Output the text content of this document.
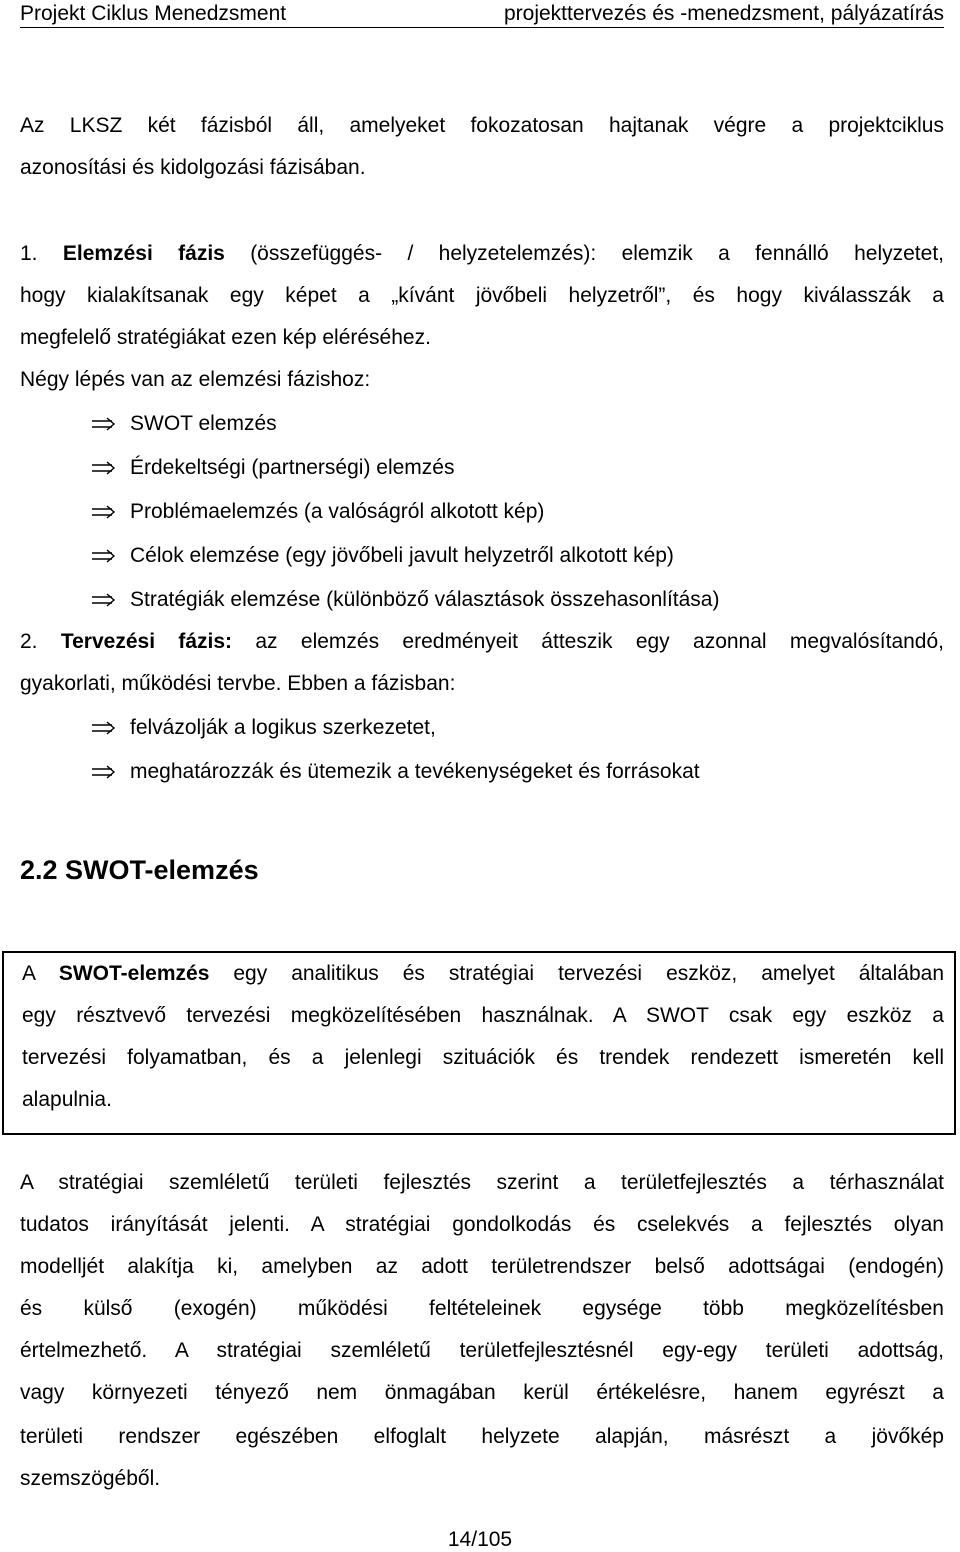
Projekt Ciklus Menedzsment	projekttervezés és -menedzsment, pályázatírás
Az LKSZ két fázisból áll, amelyeket fokozatosan hajtanak végre a projektciklus
azonosítási és kidolgozási fázisában.
1. Elemzési fázis (összefüggés- / helyzetelemzés): elemzik a fennálló helyzetet,
hogy kialakítsanak egy képet a „kívánt jövőbeli helyzetről”, és hogy kiválasszák a
megfelelő stratégiákat ezen kép eléréséhez.
Négy lépés van az elemzési fázishoz:
SWOT elemzés
Érdekeltségi (partnerségi) elemzés
Problémaelemzés (a valóságról alkotott kép)
Célok elemzése (egy jövőbeli javult helyzetről alkotott kép)
Stratégiák elemzése (különböző választások összehasonlítása)
2. Tervezési fázis: az elemzés eredményeit átteszik egy azonnal megvalósítandó,
gyakorlati, működési tervbe. Ebben a fázisban:
felvázolják a logikus szerkezetet,
meghatározzák és ütemezik a tevékenységeket és forrásokat
2.2 SWOT-elemzés
A SWOT-elemzés egy analitikus és stratégiai tervezési eszköz, amelyet általában
egy résztvevő tervezési megközelítésében használnak. A SWOT csak egy eszköz a
tervezési folyamatban, és a jelenlegi szituációk és trendek rendezett ismeretén kell
alapulnia.
A stratégiai szemléletű területi fejlesztés szerint a területfejlesztés a térhasználat
tudatos irányítását jelenti. A stratégiai gondolkodás és cselekvés a fejlesztés olyan
modelljét alakítja ki, amelyben az adott területrendszer belső adottságai (endogén)
és külső (exogén) működési feltételeinek egysége több megközelítésben
értelmezhető. A stratégiai szemléletű területfejlesztésnél egy-egy területi adottság,
vagy környezeti tényező nem önmagában kerül értékelésre, hanem egyrészt a
területi rendszer egészében elfoglalt helyzete alapján, másrészt a jövőkép
szemszögéből.
14/105
